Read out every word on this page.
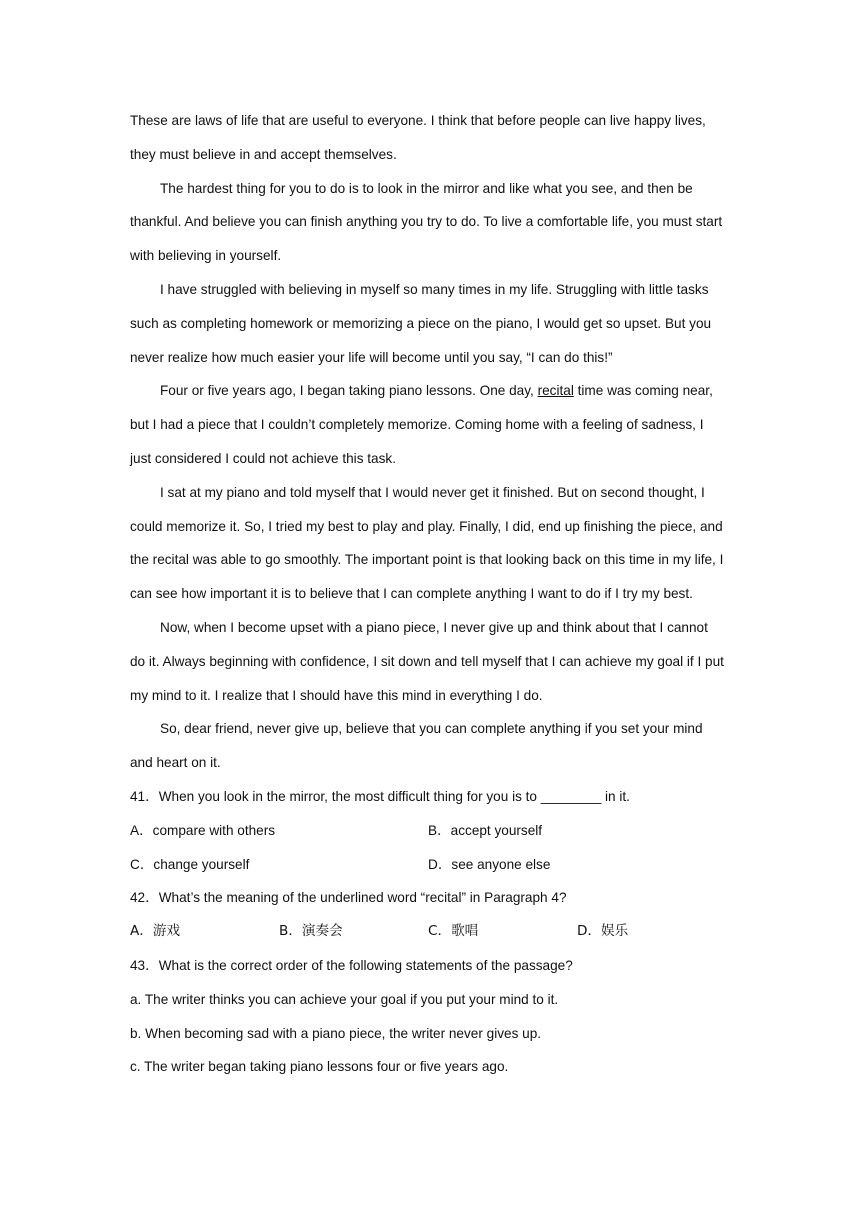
These are laws of life that are useful to everyone. I think that before people can live happy lives,
they must believe in and accept themselves.
The hardest thing for you to do is to look in the mirror and like what you see, and then be thankful. And believe you can finish anything you try to do. To live a comfortable life, you must start with believing in yourself.
I have struggled with believing in myself so many times in my life. Struggling with little tasks such as completing homework or memorizing a piece on the piano, I would get so upset. But you never realize how much easier your life will become until you say, “I can do this!”
Four or five years ago, I began taking piano lessons. One day, recital time was coming near, but I had a piece that I couldn’t completely memorize. Coming home with a feeling of sadness, I just considered I could not achieve this task.
I sat at my piano and told myself that I would never get it finished. But on second thought, I could memorize it. So, I tried my best to play and play. Finally, I did, end up finishing the piece, and the recital was able to go smoothly. The important point is that looking back on this time in my life, I can see how important it is to believe that I can complete anything I want to do if I try my best.
Now, when I become upset with a piano piece, I never give up and think about that I cannot do it. Always beginning with confidence, I sit down and tell myself that I can achieve my goal if I put my mind to it. I realize that I should have this mind in everything I do.
So, dear friend, never give up, believe that you can complete anything if you set your mind and heart on it.
41．When you look in the mirror, the most difficult thing for you is to ________ in it.
A．compare with others	B．accept yourself
C．change yourself	D．see anyone else
42．What’s the meaning of the underlined word “recital” in Paragraph 4?
A．游戏	B．演奏会	C．歌唱	D．娱乐
43．What is the correct order of the following statements of the passage?
a. The writer thinks you can achieve your goal if you put your mind to it.
b. When becoming sad with a piano piece, the writer never gives up.
c. The writer began taking piano lessons four or five years ago.
